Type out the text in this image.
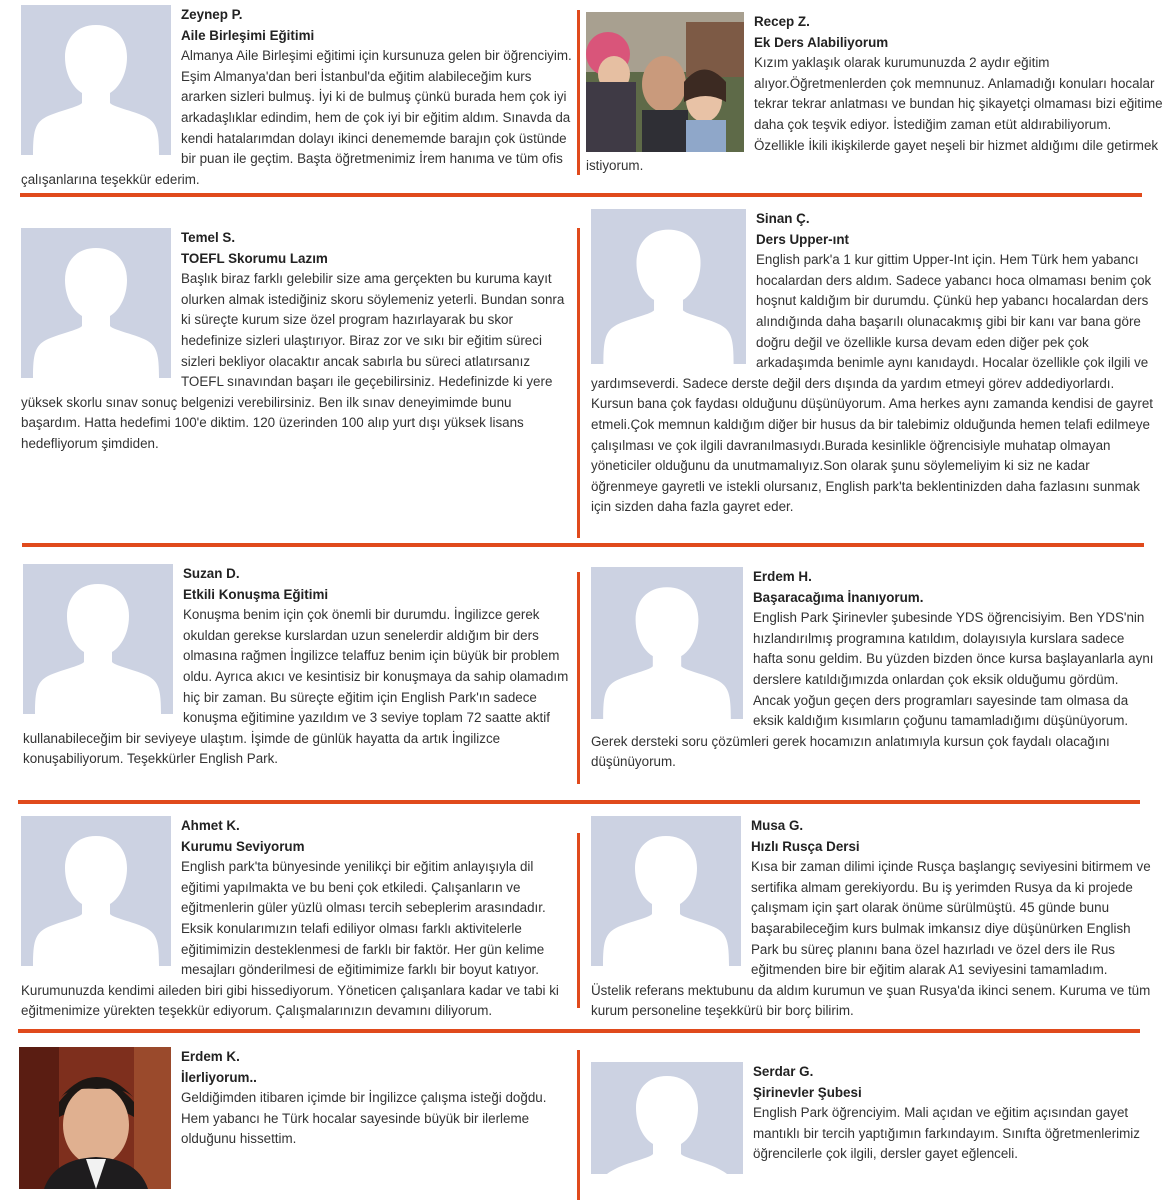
Zeynep P.
Aile Birleşimi Eğitimi
Almanya Aile Birleşimi eğitimi için kursunuza gelen bir öğrenciyim. Eşim Almanya'dan beri İstanbul'da eğitim alabileceğim kurs ararken sizleri bulmuş. İyi ki de bulmuş çünkü burada hem çok iyi arkadaşlıklar edindim, hem de çok iyi bir eğitim aldım. Sınavda da kendi hatalarımdan dolayı ikinci denememde barajın çok üstünde bir puan ile geçtim. Başta öğretmenimiz İrem hanıma ve tüm ofis çalışanlarına teşekkür ederim.
Recep Z.
Ek Ders Alabiliyorum
Kızım yaklaşık olarak kurumunuzda 2 aydır eğitim alıyor.Öğretmenlerden çok memnunuz. Anlamadığı konuları hocalar tekrar tekrar anlatması ve bundan hiç şikayetçi olmaması bizi eğitime daha çok teşvik ediyor. İstediğim zaman etüt aldırabiliyorum. Özellikle İkili ikişkilerde gayet neşeli bir hizmet aldığımı dile getirmek istiyorum.
Temel S.
TOEFL Skorumu Lazım
Başlık biraz farklı gelebilir size ama gerçekten bu kuruma kayıt olurken almak istediğiniz skoru söylemeniz yeterli. Bundan sonra ki süreçte kurum size özel program hazırlayarak bu skor hedefinize sizleri ulaştırıyor. Biraz zor ve sıkı bir eğitim süreci sizleri bekliyor olacaktır ancak sabırla bu süreci atlatırsanız TOEFL sınavından başarı ile geçebilirsiniz. Hedefinizde ki yere yüksek skorlu sınav sonuç belgenizi verebilirsiniz. Ben ilk sınav deneyimimde bunu başardım. Hatta hedefimi 100'e diktim. 120 üzerinden 100 alıp yurt dışı yüksek lisans hedefliyorum şimdiden.
Sinan Ç.
Ders Upper-ınt
English park'a 1 kur gittim Upper-Int için. Hem Türk hem yabancı hocalardan ders aldım. Sadece yabancı hoca olmaması benim çok hoşnut kaldığım bir durumdu. Çünkü hep yabancı hocalardan ders alındığında daha başarılı olunacakmış gibi bir kanı var bana göre doğru değil ve özellikle kursa devam eden diğer pek çok arkadaşımda benimle aynı kanıdaydı. Hocalar özellikle çok ilgili ve yardımseverdi. Sadece derste değil ders dışında da yardım etmeyi görev addediyorlardı. Kursun bana çok faydası olduğunu düşünüyorum. Ama herkes aynı zamanda kendisi de gayret etmeli.Çok memnun kaldığım diğer bir husus da bir talebimiz olduğunda hemen telafi edilmeye çalışılması ve çok ilgili davranılmasıydı.Burada kesinlikle öğrencisiyle muhatap olmayan yöneticiler olduğunu da unutmamalıyız.Son olarak şunu söylemeliyim ki siz ne kadar öğrenmeye gayretli ve istekli olursanız, English park'ta beklentinizden daha fazlasını sunmak için sizden daha fazla gayret eder.
Suzan D.
Etkili Konuşma Eğitimi
Konuşma benim için çok önemli bir durumdu. İngilizce gerek okuldan gerekse kurslardan uzun senelerdir aldığım bir ders olmasına rağmen İngilizce telaffuz benim için büyük bir problem oldu. Ayrıca akıcı ve kesintisiz bir konuşmaya da sahip olamadım hiç bir zaman. Bu süreçte eğitim için English Park'ın sadece konuşma eğitimine yazıldım ve 3 seviye toplam 72 saatte aktif kullanabileceğim bir seviyeye ulaştım. İşimde de günlük hayatta da artık İngilizce konuşabiliyorum. Teşekkürler English Park.
Erdem H.
Başaracağıma İnanıyorum.
English Park Şirinevler şubesinde YDS öğrencisiyim. Ben YDS'nin hızlandırılmış programına katıldım, dolayısıyla kurslara sadece hafta sonu geldim. Bu yüzden bizden önce kursa başlayanlarla aynı derslere katıldığımızda onlardan çok eksik olduğumu gördüm. Ancak yoğun geçen ders programları sayesinde tam olmasa da eksik kaldığım kısımların çoğunu tamamladığımı düşünüyorum. Gerek dersteki soru çözümleri gerek hocamızın anlatımıyla kursun çok faydalı olacağını düşünüyorum.
Ahmet K.
Kurumu Seviyorum
English park'ta bünyesinde yenilikçi bir eğitim anlayışıyla dil eğitimi yapılmakta ve bu beni çok etkiledi. Çalışanların ve eğitmenlerin güler yüzlü olması tercih sebeplerim arasındadır. Eksik konularımızın telafi ediliyor olması farklı aktivitelerle eğitimimizin desteklenmesi de farklı bir faktör. Her gün kelime mesajları gönderilmesi de eğitimimize farklı bir boyut katıyor. Kurumunuzda kendimi aileden biri gibi hissediyorum. Yöneticen çalışanlara kadar ve tabi ki eğitmenimize yürekten teşekkür ediyorum. Çalışmalarınızın devamını diliyorum.
Musa G.
Hızlı Rusça Dersi
Kısa bir zaman dilimi içinde Rusça başlangıç seviyesini bitirmem ve sertifika almam gerekiyordu. Bu iş yerimden Rusya da ki projede çalışmam için şart olarak önüme sürülmüştü. 45 günde bunu başarabileceğim kurs bulmak imkansız diye düşünürken English Park bu süreç planını bana özel hazırladı ve özel ders ile Rus eğitmenden bire bir eğitim alarak A1 seviyesini tamamladım. Üstelik referans mektubunu da aldım kurumun ve şuan Rusya'da ikinci senem. Kuruma ve tüm kurum personeline teşekkürü bir borç bilirim.
Erdem K.
İlerliyorum..
Geldiğimden itibaren içimde bir İngilizce çalışma isteği doğdu. Hem yabancı he Türk hocalar sayesinde büyük bir ilerleme olduğunu hissettim.
Serdar G.
Şirinevler Şubesi
English Park öğrenciyim. Mali açıdan ve eğitim açısından gayet mantıklı bir tercih yaptığımın farkındayım. Sınıfta öğretmenlerimiz öğrencilerle çok ilgili, dersler gayet eğlenceli.
